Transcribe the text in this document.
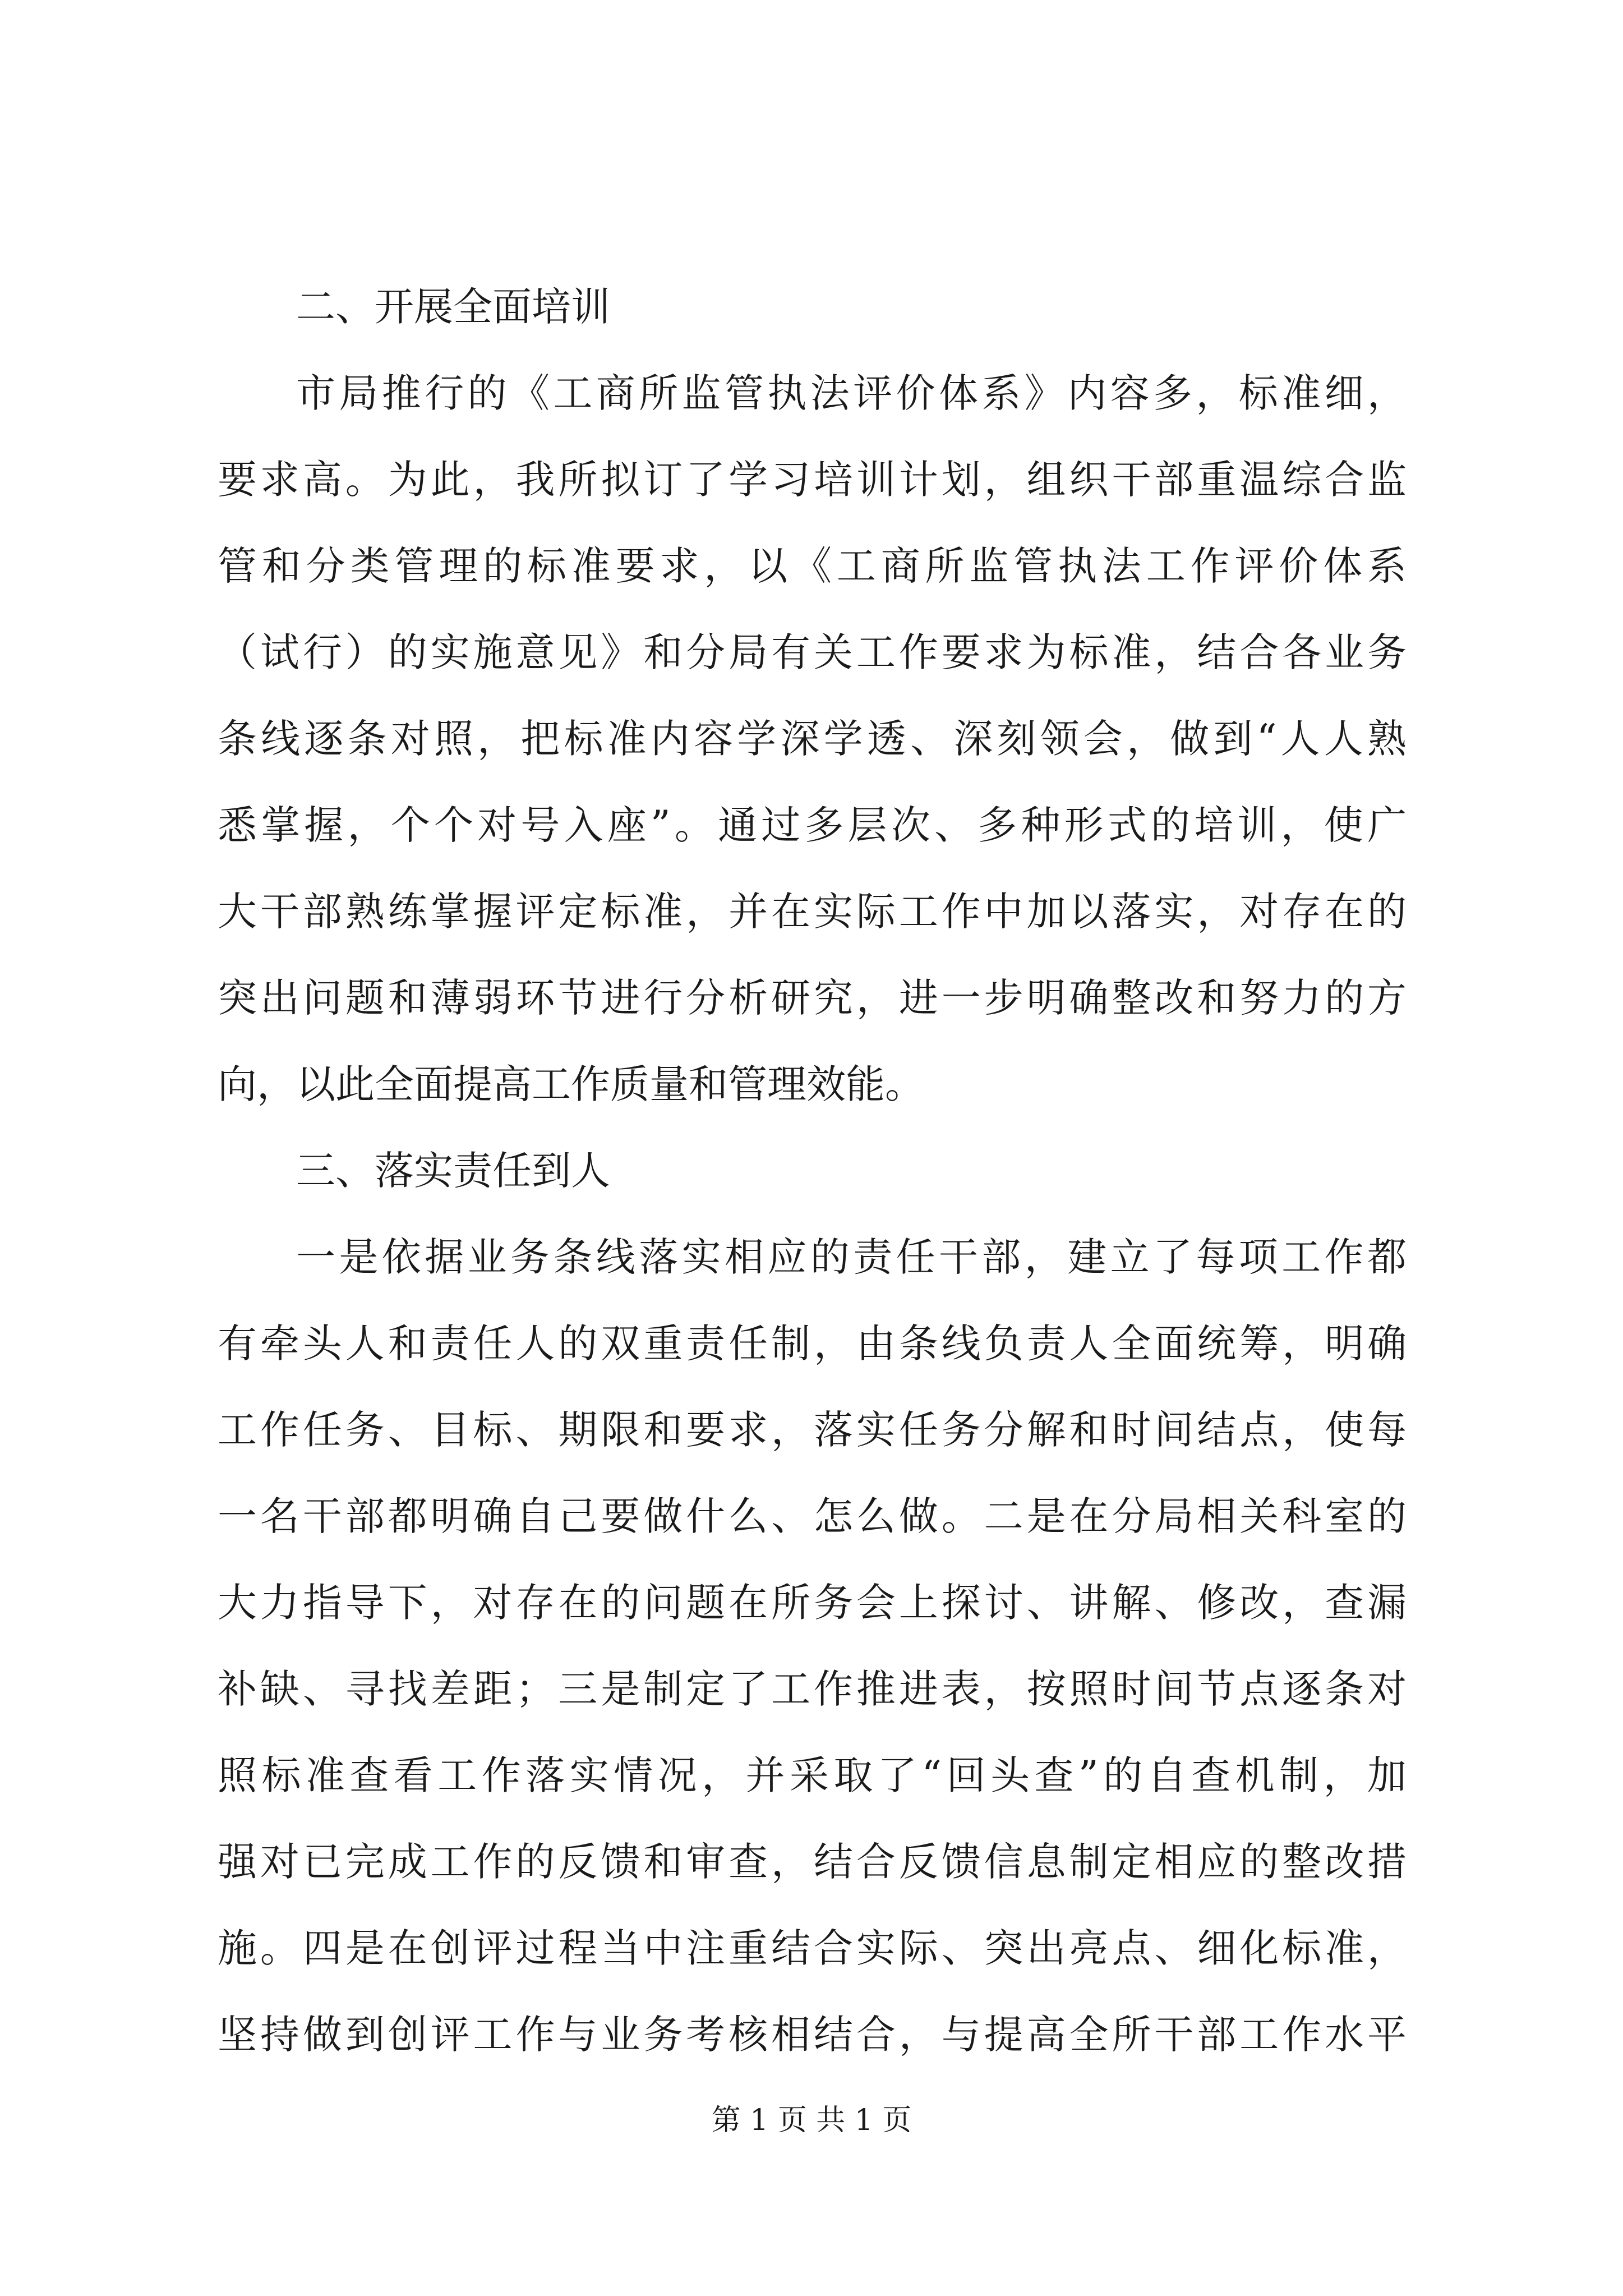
二、开展全面培训
市局推行的《工商所监管执法评价体系》内容多，标准细，
要求高。为此，我所拟订了学习培训计划，组织干部重温综合监
管和分类管理的标准要求，以《工商所监管执法工作评价体系
（试行）的实施意见》和分局有关工作要求为标准，结合各业务
条线逐条对照，把标准内容学深学透、深刻领会，做到“人人熟
悉掌握，个个对号入座”。通过多层次、多种形式的培训，使广
大干部熟练掌握评定标准，并在实际工作中加以落实，对存在的
突出问题和薄弱环节进行分析研究，进一步明确整改和努力的方
向，以此全面提高工作质量和管理效能。
三、落实责任到人
一是依据业务条线落实相应的责任干部，建立了每项工作都
有牵头人和责任人的双重责任制，由条线负责人全面统筹，明确
工作任务、目标、期限和要求，落实任务分解和时间结点，使每
一名干部都明确自己要做什么、怎么做。二是在分局相关科室的
大力指导下，对存在的问题在所务会上探讨、讲解、修改，查漏
补缺、寻找差距；三是制定了工作推进表，按照时间节点逐条对
照标准查看工作落实情况，并采取了“回头查”的自查机制，加
强对已完成工作的反馈和审查，结合反馈信息制定相应的整改措
施。四是在创评过程当中注重结合实际、突出亮点、细化标准，
坚持做到创评工作与业务考核相结合，与提高全所干部工作水平
第 1 页 共 1 页
